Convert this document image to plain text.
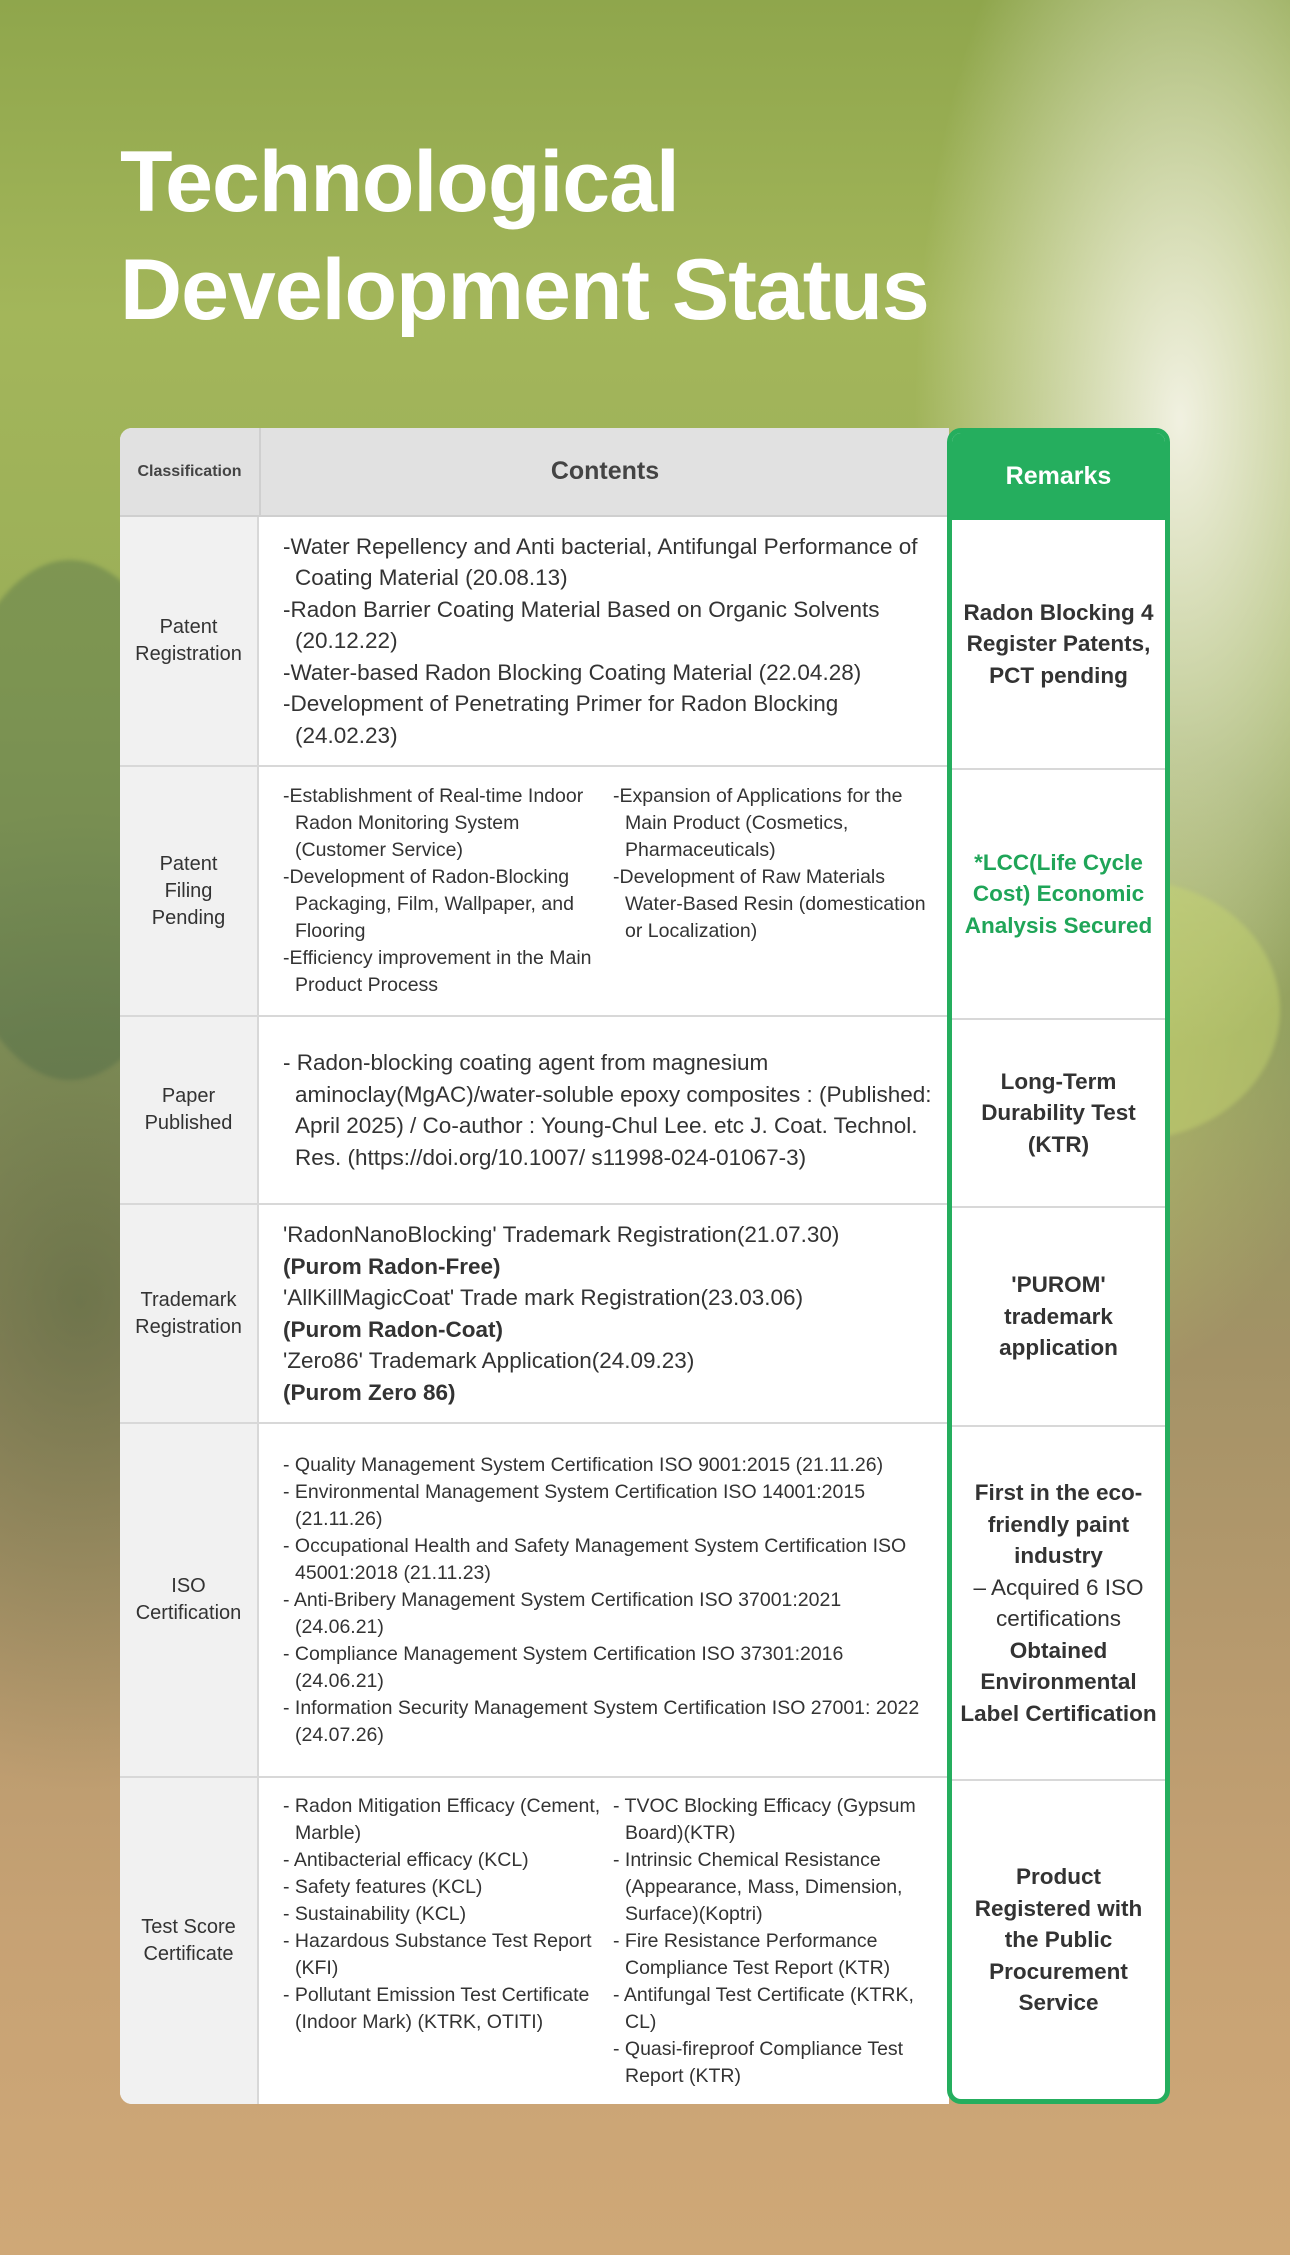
Technological
Development Status
Classification	Contents
Patent Registration
-Water Repellency and Anti bacterial, Antifungal Performance of Coating Material (20.08.13)
-Radon Barrier Coating Material Based on Organic Solvents (20.12.22)
-Water-based Radon Blocking Coating Material (22.04.28)
-Development of Penetrating Primer for Radon Blocking (24.02.23)
Patent Filing Pending
-Establishment of Real-time Indoor Radon Monitoring System (Customer Service)
-Development of Radon-Blocking Packaging, Film, Wallpaper, and Flooring
-Efficiency improvement in the Main Product Process
-Expansion of Applications for the Main Product (Cosmetics, Pharmaceuticals)
-Development of Raw Materials Water-Based Resin (domestication or Localization)
Paper Published
- Radon-blocking coating agent from magnesium aminoclay(MgAC)/water-soluble epoxy composites : (Published: April 2025) / Co-author : Young-Chul Lee. etc J. Coat. Technol. Res. (https://doi.org/10.1007/ s11998-024-01067-3)
Trademark Registration
'RadonNanoBlocking' Trademark Registration(21.07.30)
(Purom Radon-Free)
'AllKillMagicCoat' Trade mark Registration(23.03.06)
(Purom Radon-Coat)
'Zero86' Trademark Application(24.09.23)
(Purom Zero 86)
ISO Certification
- Quality Management System Certification ISO 9001:2015 (21.11.26)
- Environmental Management System Certification ISO 14001:2015 (21.11.26)
- Occupational Health and Safety Management System Certification ISO 45001:2018 (21.11.23)
- Anti-Bribery Management System Certification ISO 37001:2021 (24.06.21)
- Compliance Management System Certification ISO 37301:2016 (24.06.21)
- Information Security Management System Certification ISO 27001: 2022 (24.07.26)
Test Score Certificate
- Radon Mitigation Efficacy (Cement, Marble)
- Antibacterial efficacy (KCL)
- Safety features (KCL)
- Sustainability (KCL)
- Hazardous Substance Test Report (KFI)
- Pollutant Emission Test Certificate (Indoor Mark) (KTRK, OTITI)
- TVOC Blocking Efficacy (Gypsum Board)(KTR)
- Intrinsic Chemical Resistance (Appearance, Mass, Dimension, Surface)(Koptri)
- Fire Resistance Performance Compliance Test Report (KTR)
- Antifungal Test Certificate (KTRK, CL)
- Quasi-fireproof Compliance Test Report (KTR)
Remarks
Radon Blocking 4 Register Patents,
PCT pending
*LCC(Life Cycle Cost) Economic Analysis Secured
Long-Term Durability Test (KTR)
'PUROM' trademark application
First in the eco-friendly paint industry
– Acquired 6 ISO certifications
Obtained Environmental Label Certification
Product Registered with the Public Procurement Service
